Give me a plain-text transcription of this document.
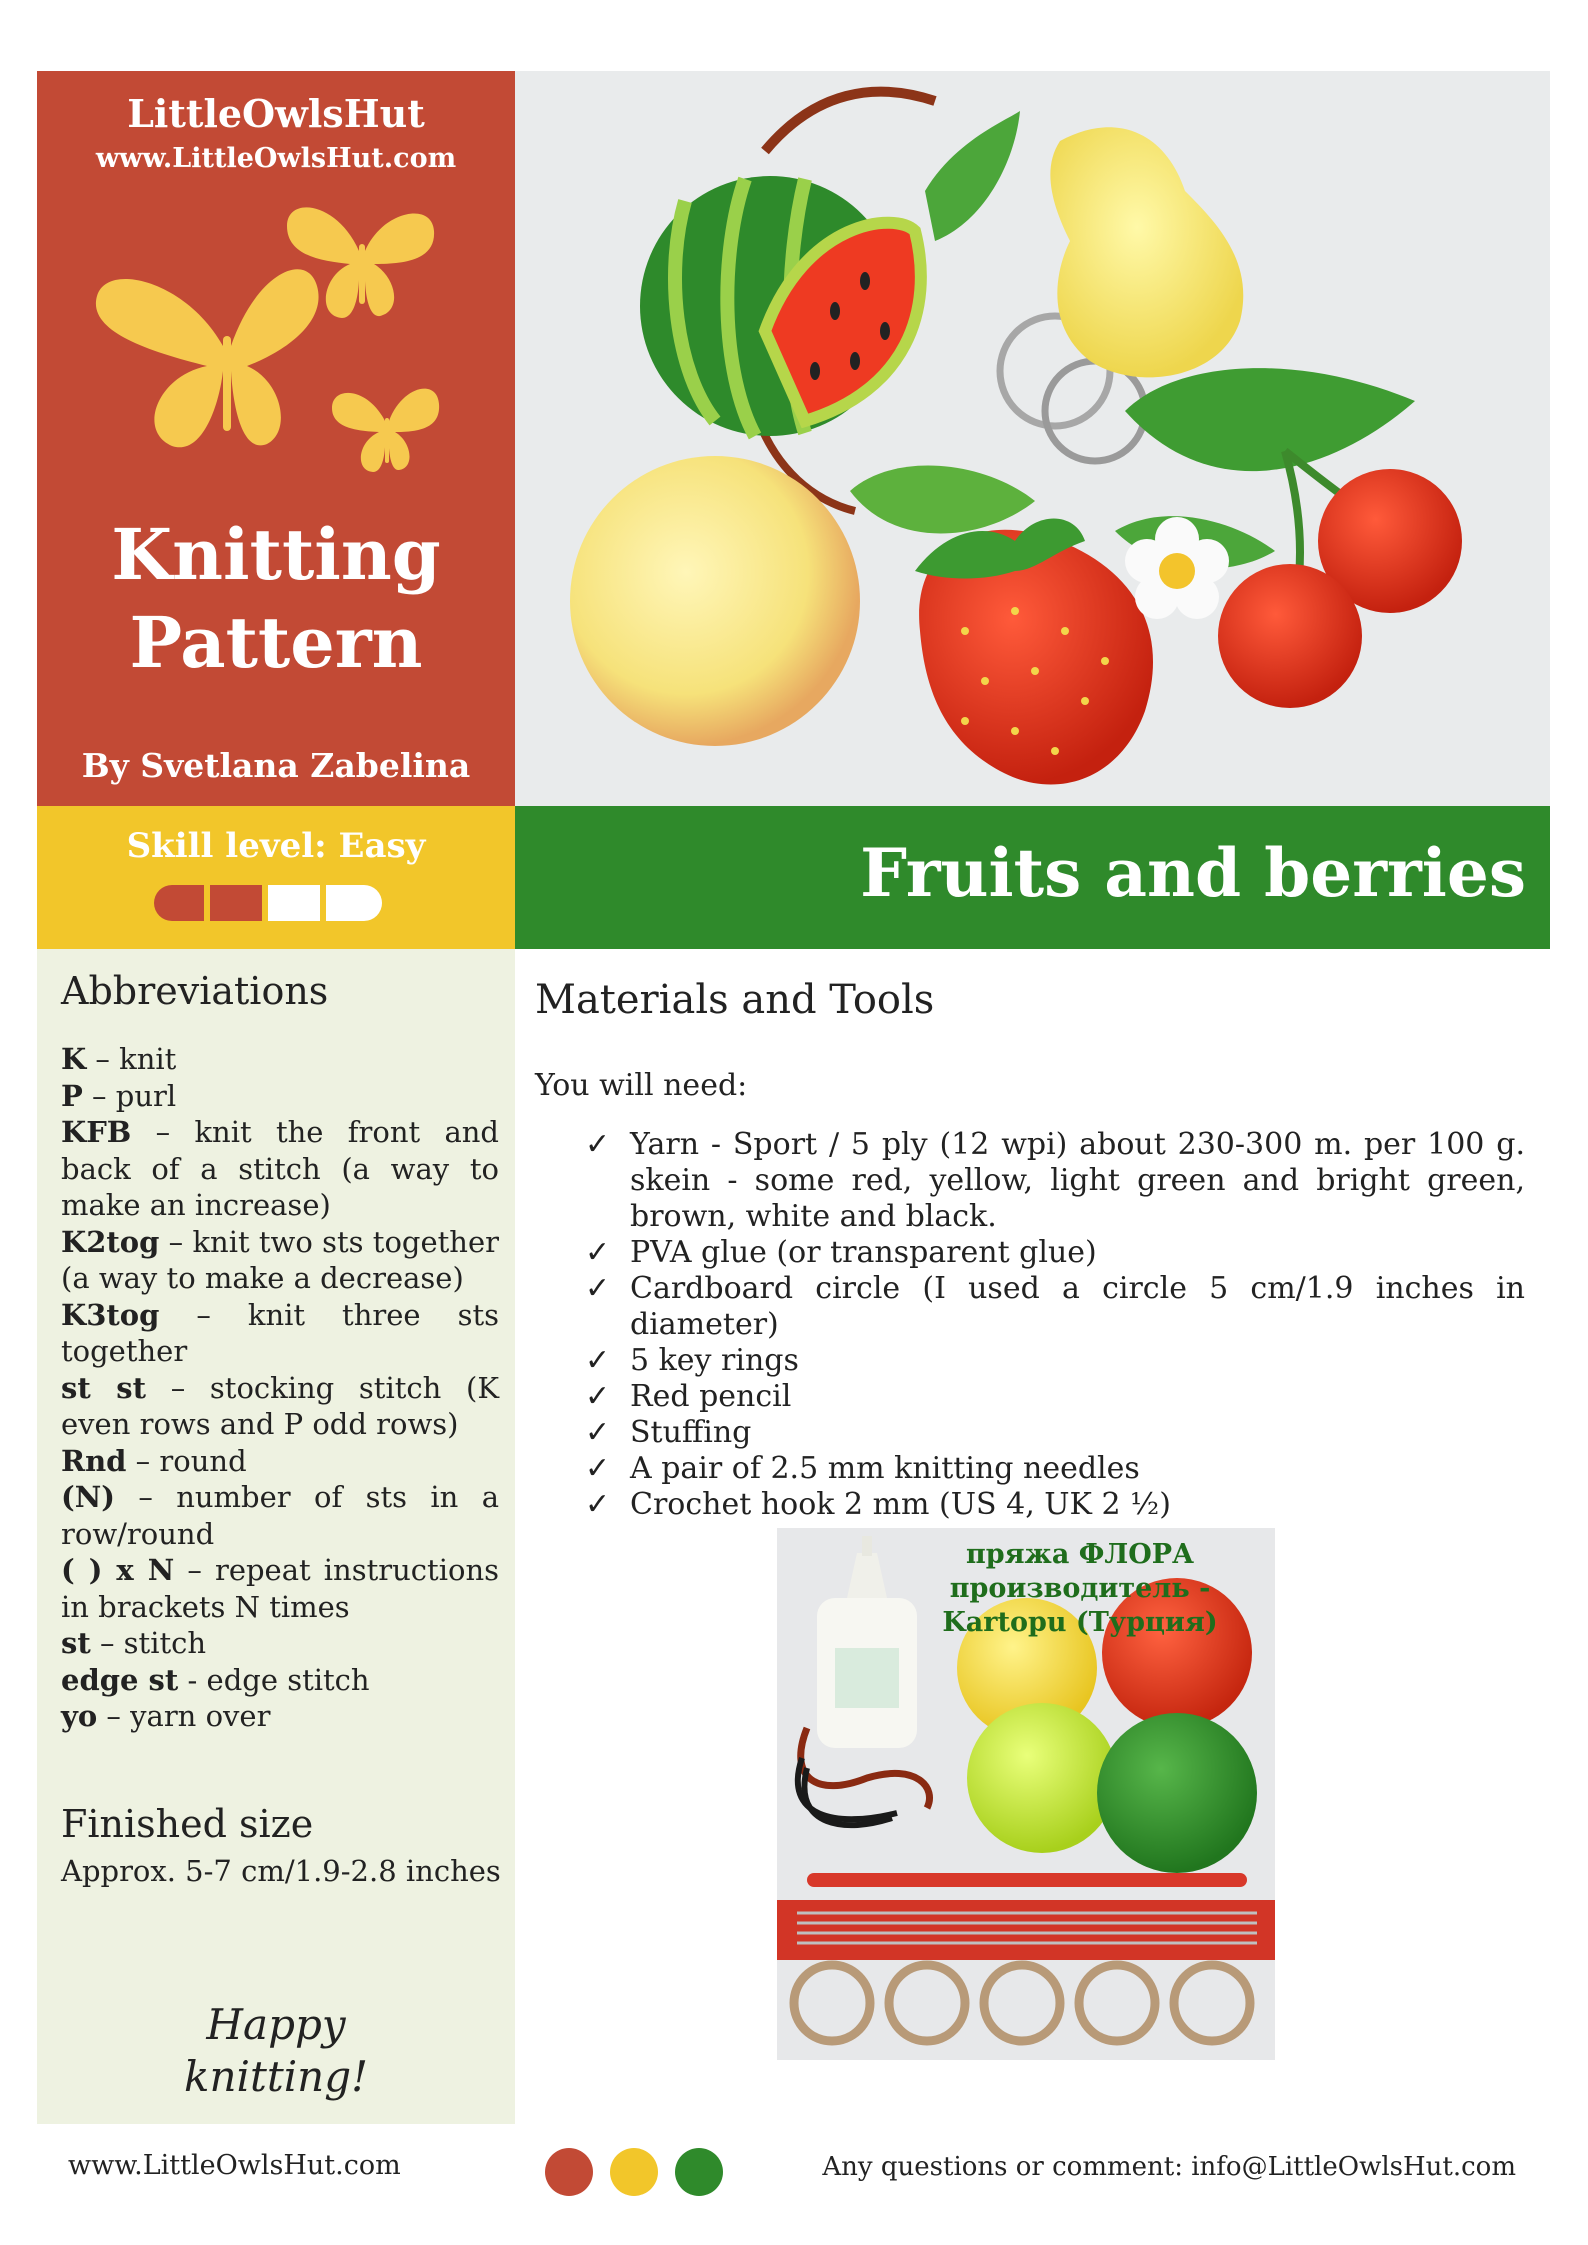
LittleOwlsHut
www.LittleOwlsHut.com
Knitting
Pattern
By Svetlana Zabelina
Skill level: Easy	Fruits and berries
Abbreviations

K – knit

P – purl

KFB – knit the front and back of a stitch (a way to make an increase)

K2tog – knit two sts together (a way to make a decrease)

K3tog – knit three sts together

st st – stocking stitch (K even rows and P odd rows)

Rnd – round

(N) – number of sts in a row/round

( ) x N – repeat instructions in brackets N times

st – stitch

edge st - edge stitch

yo – yarn over

Finished size
Approx. 5-7 cm/1.9-2.8 inches
Happy
knitting!
Materials and Tools
You will need:
✓ Yarn - Sport / 5 ply (12 wpi) about 230-300 m. per 100 g. skein - some red, yellow, light green and bright green, brown, white and black.
✓ PVA glue (or transparent glue)
✓ Cardboard circle (I used a circle 5 cm/1.9 inches in diameter)
✓ 5 key rings
✓ Red pencil
✓ Stuffing
✓ A pair of 2.5 mm knitting needles
✓ Crochet hook 2 mm (US 4, UK 2 ½)
пряжа ФЛОРА
производитель -
Kartopu (Турция)
www.LittleOwlsHut.com	Any questions or comment: info@LittleOwlsHut.com
